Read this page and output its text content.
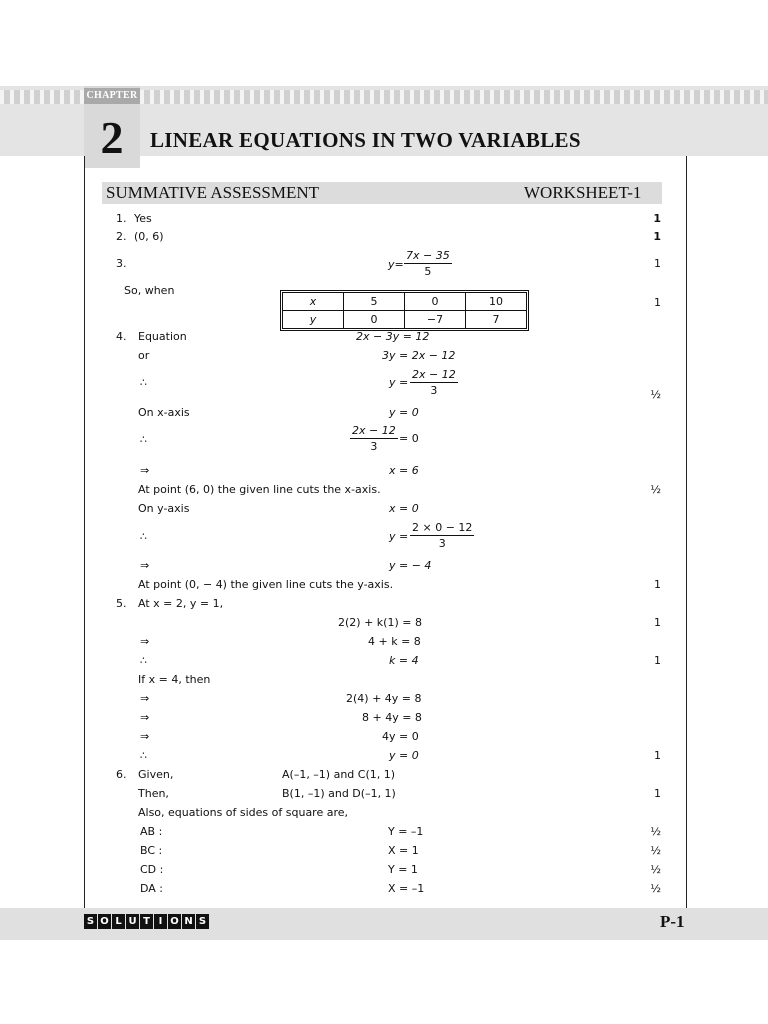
CHAPTER
2	LINEAR EQUATIONS IN TWO VARIABLES
SUMMATIVE ASSESSMENT	WORKSHEET-1
1. Yes	1
2. (0, 6)	1
3.	$y= \frac{7x - 35}{5}$	1
So, when
x	5	0	10
y	0	−7	7
1
4. Equation	2x − 3y = 12
or	3y = 2x − 12
∴	$y = \frac{2x - 12}{3}$	½
On x-axis	y = 0
∴	$\frac{2x - 12}{3} = 0$
⇒	x = 6
At point (6, 0) the given line cuts the x-axis.	½
On y-axis	x = 0
∴	$y = \frac{2 \times 0 - 12}{3}$
⇒	y = − 4
At point (0, − 4) the given line cuts the y-axis.	1
5. At x = 2, y = 1,
2(2) + k(1) = 8	1
⇒	4 + k = 8
∴	k = 4	1
If x = 4, then
⇒	2(4) + 4y = 8
⇒	8 + 4y = 8
⇒	4y = 0
∴	y = 0	1
6. Given,	A(–1, –1) and C(1, 1)
Then,	B(1, –1) and D(–1, 1)	1
Also, equations of sides of square are,
AB :	Y = –1	½
BC :	X = 1	½
CD :	Y = 1	½
DA :	X = –1	½
S O L U T I O N S	P-1
